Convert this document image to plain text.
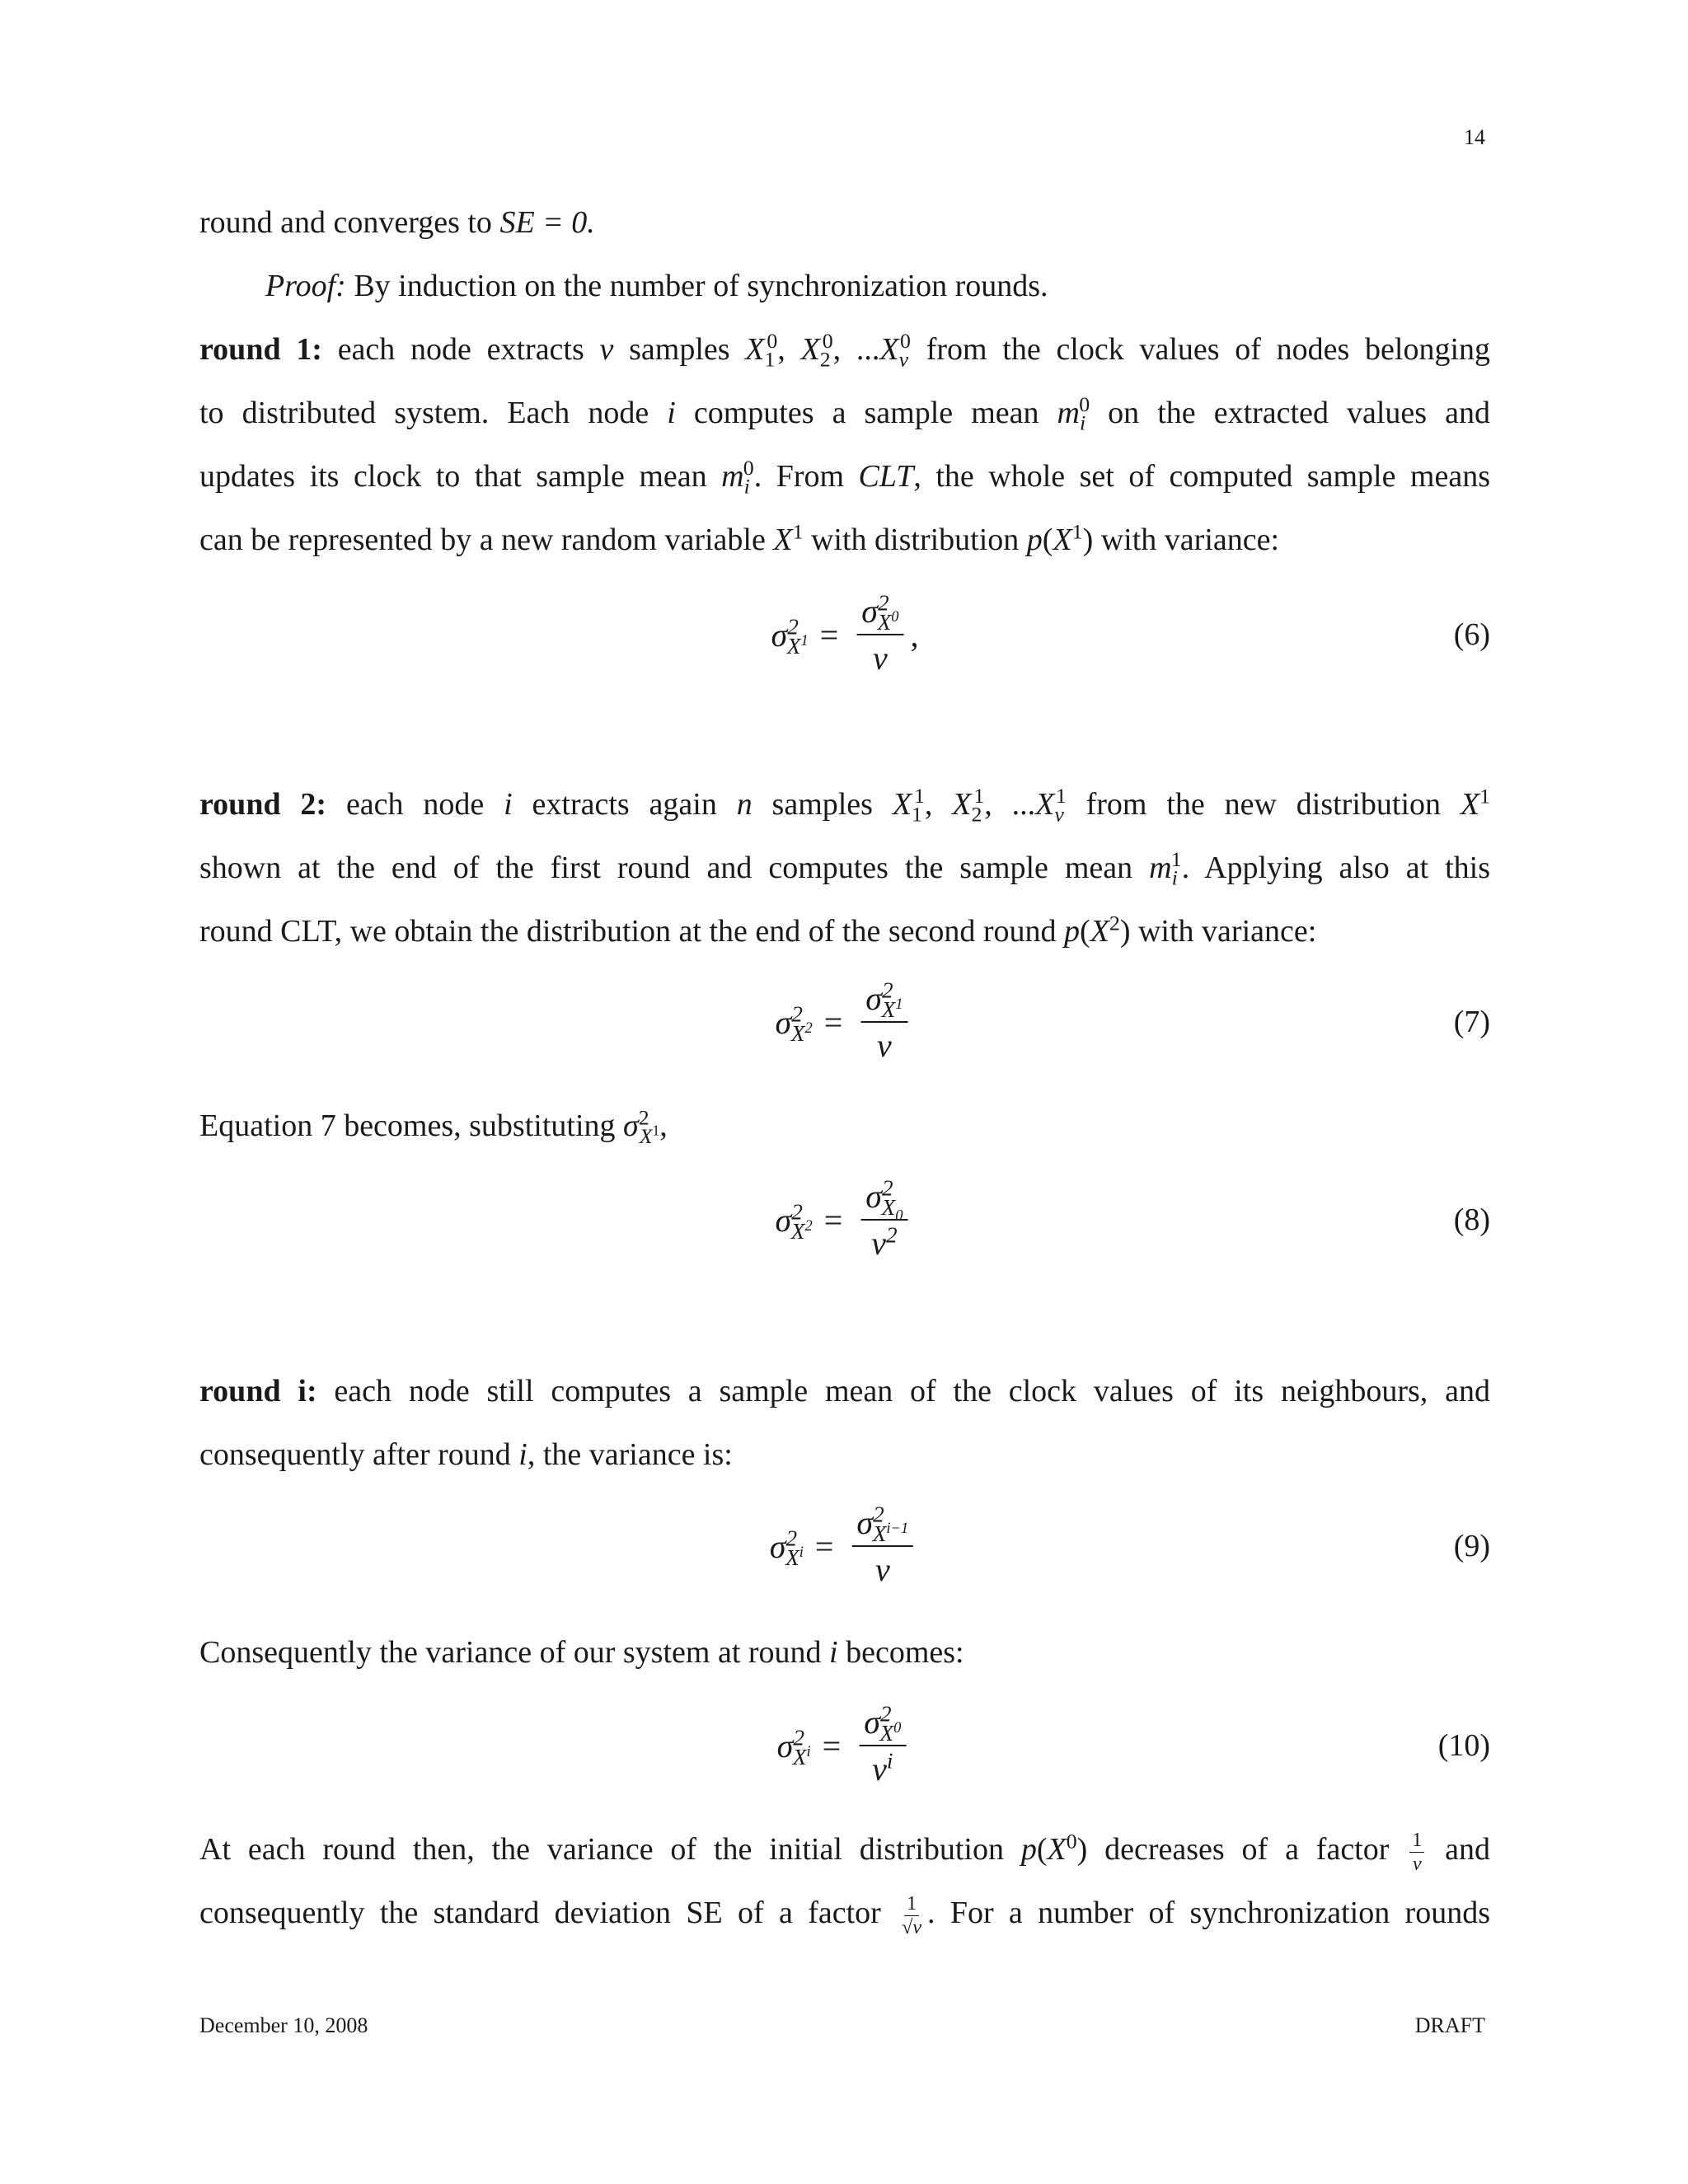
14
round and converges to SE = 0.
Proof: By induction on the number of synchronization rounds.
round 1: each node extracts v samples $X_1^0$, $X_2^0$, $...X_v^0$ from the clock values of nodes belonging
to distributed system. Each node i computes a sample mean $m_i^0$ on the extracted values and
updates its clock to that sample mean $m_i^0$. From CLT, the whole set of computed sample means
can be represented by a new random variable $X^1$ with distribution $p(X^1)$ with variance:
$\sigma^2_{X^1} = \frac{\sigma^2_{X^0}}{v}$ ,	(6)
round 2: each node i extracts again n samples $X_1^1$, $X_2^1$, $...X_v^1$ from the new distribution $X^1$
shown at the end of the first round and computes the sample mean $m_i^1$. Applying also at this
round CLT, we obtain the distribution at the end of the second round $p(X^2)$ with variance:
$\sigma^2_{X^2} = \frac{\sigma^2_{X^1}}{v}$	(7)
Equation 7 becomes, substituting $\sigma^2_{X^1}$,
$\sigma^2_{X^2} = \frac{\sigma^2_{X_0}}{v^2}$	(8)
round i: each node still computes a sample mean of the clock values of its neighbours, and
consequently after round i, the variance is:
$\sigma^2_{X^i} = \frac{\sigma^2_{X^{i-1}}}{v}$	(9)
Consequently the variance of our system at round i becomes:
$\sigma^2_{X^i} = \frac{\sigma^2_{X^0}}{v^i}$	(10)
At each round then, the variance of the initial distribution $p(X^0)$ decreases of a factor $\frac{1}{v}$ and
consequently the standard deviation SE of a factor $\frac{1}{√v}$ . For a number of synchronization rounds
December 10, 2008	DRAFT
